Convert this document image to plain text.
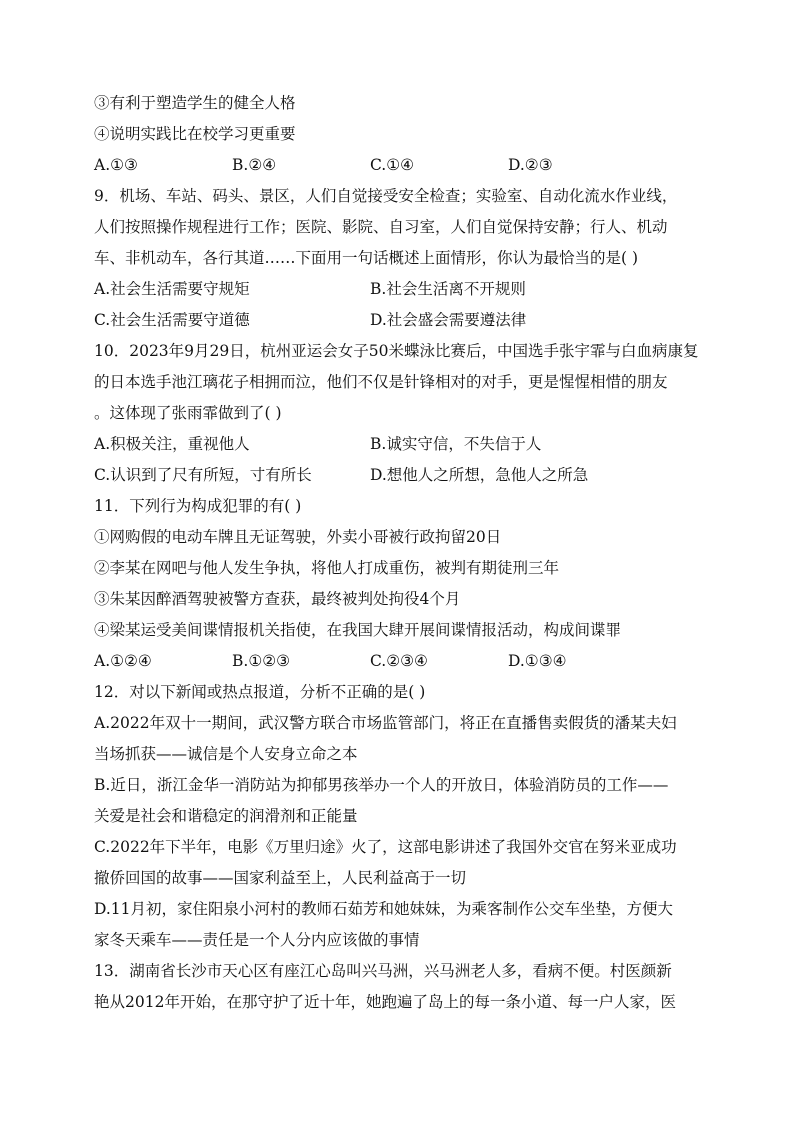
③有利于塑造学生的健全人格
④说明实践比在校学习更重要
A.①③	B.②④	C.①④	D.②③
9．机场、车站、码头、景区，人们自觉接受安全检查；实验室、自动化流水作业线，
人们按照操作规程进行工作；医院、影院、自习室，人们自觉保持安静；行人、机动
车、非机动车，各行其道……下面用一句话概述上面情形，你认为最恰当的是( )
A.社会生活需要守规矩	B.社会生活离不开规则
C.社会生活需要守道德	D.社会盛会需要遵法律
10．2023年9月29日，杭州亚运会女子50米蝶泳比赛后，中国选手张宇霏与白血病康复
的日本选手池江璃花子相拥而泣，他们不仅是针锋相对的对手，更是惺惺相惜的朋友
。这体现了张雨霏做到了( )
A.积极关注，重视他人	B.诚实守信，不失信于人
C.认识到了尺有所短，寸有所长	D.想他人之所想，急他人之所急
11．下列行为构成犯罪的有( )
①网购假的电动车牌且无证驾驶，外卖小哥被行政拘留20日
②李某在网吧与他人发生争执，将他人打成重伤，被判有期徒刑三年
③朱某因醉酒驾驶被警方查获，最终被判处拘役4个月
④梁某运受美间谍情报机关指使，在我国大肆开展间谍情报活动，构成间谍罪
A.①②④	B.①②③	C.②③④	D.①③④
12．对以下新闻或热点报道，分析不正确的是( )
A.2022年双十一期间，武汉警方联合市场监管部门，将正在直播售卖假货的潘某夫妇
当场抓获——诚信是个人安身立命之本
B.近日，浙江金华一消防站为抑郁男孩举办一个人的开放日，体验消防员的工作——
关爱是社会和谐稳定的润滑剂和正能量
C.2022年下半年，电影《万里归途》火了，这部电影讲述了我国外交官在努米亚成功
撤侨回国的故事——国家利益至上，人民利益高于一切
D.11月初，家住阳泉小河村的教师石茹芳和她妹妹，为乘客制作公交车坐垫，方便大
家冬天乘车——责任是一个人分内应该做的事情
13．湖南省长沙市天心区有座江心岛叫兴马洲，兴马洲老人多，看病不便。村医颜新
艳从2012年开始，在那守护了近十年，她跑遍了岛上的每一条小道、每一户人家，医
